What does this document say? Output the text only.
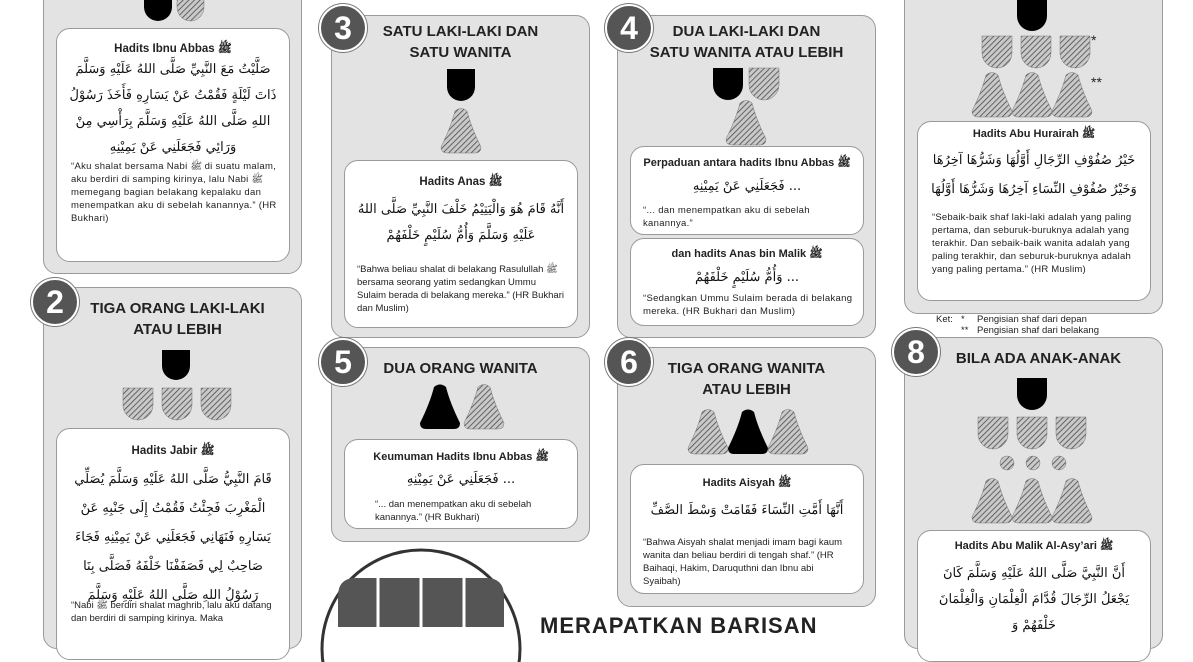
Hadits Ibnu Abbas ﷺ
صَلَّيْتُ مَعَ النَّبِيِّ صَلَّى اللهُ عَلَيْهِ وَسَلَّمَ ذَاتَ لَيْلَةٍ فَقُمْتُ عَنْ يَسَارِهِ فَأَخَذَ رَسُوْلُ اللهِ صَلَّى اللهُ عَلَيْهِ وَسَلَّمَ بِرَأْسِي مِنْ وَرَائِي فَجَعَلَنِي عَنْ يَمِيْنِهِ
“Aku shalat bersama Nabi ﷺ di suatu malam, aku berdiri di samping kirinya, lalu Nabi ﷺ memegang bagian belakang kepalaku dan menempatkan aku di sebelah kanannya.” (HR Bukhari)
TIGA ORANG LAKI-LAKI
ATAU LEBIH
Hadits Jabir ﷺ
قَامَ النَّبِيُّ صَلَّى اللهُ عَلَيْهِ وَسَلَّمَ يُصَلِّي الْمَغْرِبَ فَجِئْتُ فَقُمْتُ إِلَى جَنْبِهِ عَنْ يَسَارِهِ فَنَهَانِي فَجَعَلَنِي عَنْ يَمِيْنِهِ فَجَاءَ صَاحِبٌ لِي فَصَفَفْنَا خَلْفَهُ فَصَلَّى بِنَا رَسُوْلُ اللهِ صَلَّى اللهُ عَلَيْهِ وَسَلَّمَ
“Nabi ﷺ berdiri shalat maghrib, lalu aku datang dan berdiri di samping kirinya. Maka
2
SATU LAKI-LAKI DAN
SATU WANITA
Hadits Anas ﷺ
أَنَّهُ قَامَ هُوَ وَالْيَتِيْمُ خَلْفَ النَّبِيِّ صَلَّى اللهُ عَلَيْهِ وَسَلَّمَ وَأُمُّ سُلَيْمٍ خَلْفَهُمْ
“Bahwa beliau shalat di belakang Rasulullah ﷺ bersama seorang yatim sedangkan Ummu Sulaim berada di belakang mereka.” (HR Bukhari dan Muslim)
3	DUA LAKI-LAKI DAN
SATU WANITA ATAU LEBIH
Perpaduan antara hadits Ibnu Abbas ﷺ
... فَجَعَلَنِي عَنْ يَمِيْنِهِ
“... dan menempatkan aku di sebelah kanannya.”
dan hadits Anas bin Malik ﷺ
... وَأُمُّ سُلَيْمٍ خَلْفَهُمْ
“Sedangkan Ummu Sulaim berada di belakang mereka. (HR Bukhari dan Muslim)
4
DUA ORANG WANITA
Keumuman Hadits Ibnu Abbas ﷺ
... فَجَعَلَنِي عَنْ يَمِيْنِهِ
“... dan menempatkan aku di sebelah kanannya.” (HR Bukhari)
5	TIGA ORANG WANITA
ATAU LEBIH
Hadits Aisyah ﷺ
أَنَّهَا أَمَّتِ النِّسَاءَ فَقَامَتْ وَسْطَ الصَّفِّ
“Bahwa Aisyah shalat menjadi imam bagi kaum wanita dan beliau berdiri di tengah shaf.” (HR Baihaqi, Hakim, Daruquthni dan Ibnu abi Syaibah)
6
*
**
Hadits Abu Hurairah ﷺ
خَيْرُ صُفُوْفِ الرِّجَالِ أَوَّلُهَا وَشَرُّهَا آخِرُهَا وَخَيْرُ صُفُوْفِ النِّسَاءِ آخِرُهَا وَشَرُّهَا أَوَّلُهَا
“Sebaik-baik shaf laki-laki adalah yang paling pertama, dan seburuk-buruknya adalah yang terakhir. Dan sebaik-baik wanita adalah yang paling terakhir, dan seburuk-buruknya adalah yang paling pertama.” (HR Muslim)
Ket: * Pengisian shaf dari depan
** Pengisian shaf dari belakang
BILA ADA ANAK-ANAK
Hadits Abu Malik Al-Asy’ari ﷺ
أَنَّ النَّبِيَّ صَلَّى اللهُ عَلَيْهِ وَسَلَّمَ كَانَ يَجْعَلُ الرِّجَالَ قُدَّامَ الْغِلْمَانِ وَالْغِلْمَانَ خَلْفَهُمْ وَ
8
MERAPATKAN BARISAN
